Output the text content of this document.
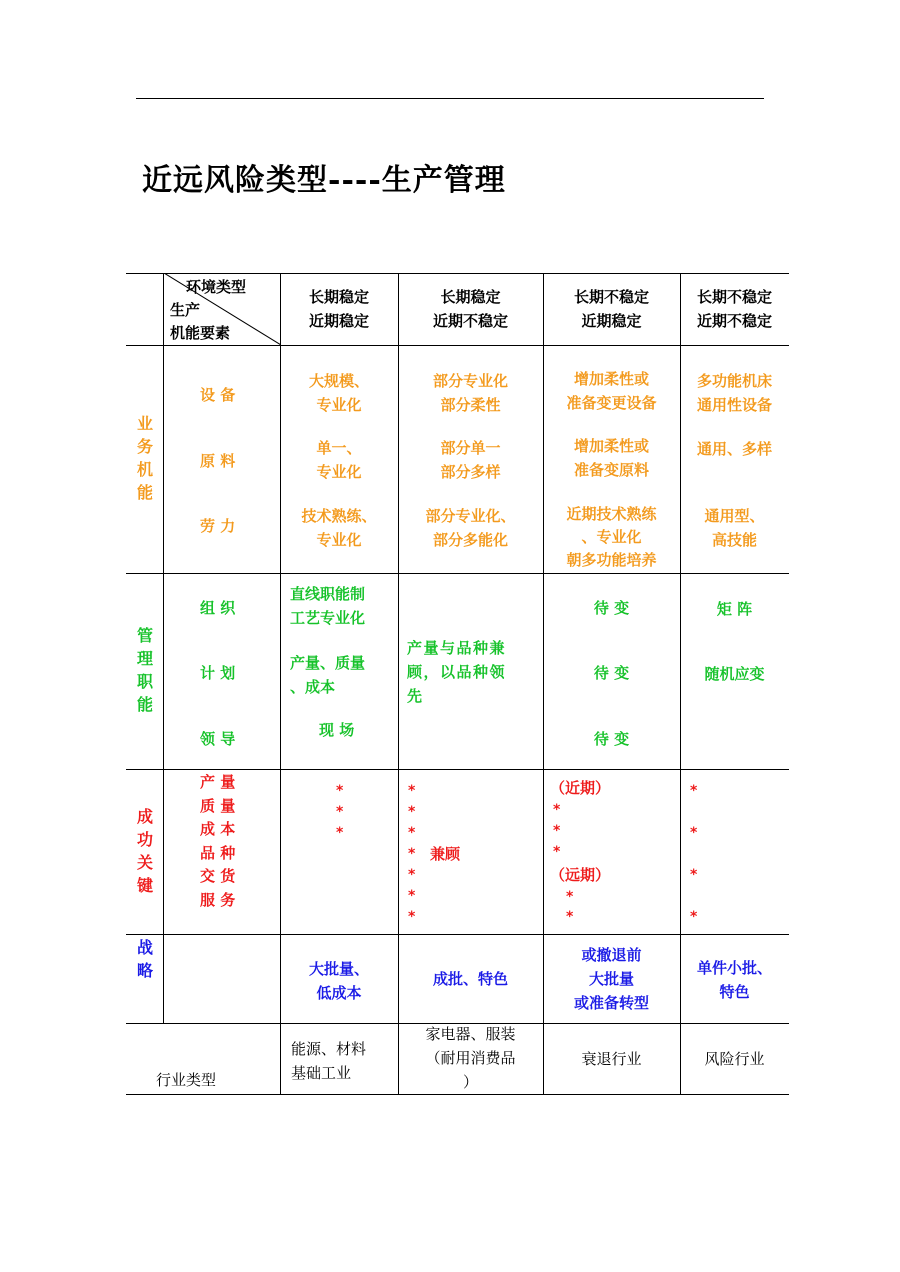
近远风险类型----生产管理
环境类型
生产
机能要素
长期稳定
近期稳定
长期稳定
近期不稳定
长期不稳定
近期稳定
长期不稳定
近期不稳定
业务机能
设 备
大规模、
专业化
部分专业化
部分柔性
增加柔性或
准备变更设备
多功能机床
通用性设备
原 料
单一、
专业化
部分单一
部分多样
增加柔性或
准备变原料
通用、多样
劳 力
技术熟练、
专业化
部分专业化、
部分多能化
近期技术熟练
、专业化
朝多功能培养
通用型、
高技能
管理职能
组 织
计 划
领 导
直线职能制
工艺专业化
产量、质量
、成本
现 场
产量与品种兼
顾，以品种领
先
待 变
待 变
待 变
矩 阵
随机应变
成功关键
产 量
质 量
成 本
品 种
交 货
服 务
*
*
*
*
*
*
*
*
*
*
兼顾
（近期）
*
*
*
（远期）
*
*
*
*
*
*
战略	大批量、
低成本
成批、特色
或撤退前
大批量
或准备转型
单件小批、
特色
行业类型
能源、材料
基础工业
家电器、服装
（耐用消费品
）
衰退行业	风险行业
